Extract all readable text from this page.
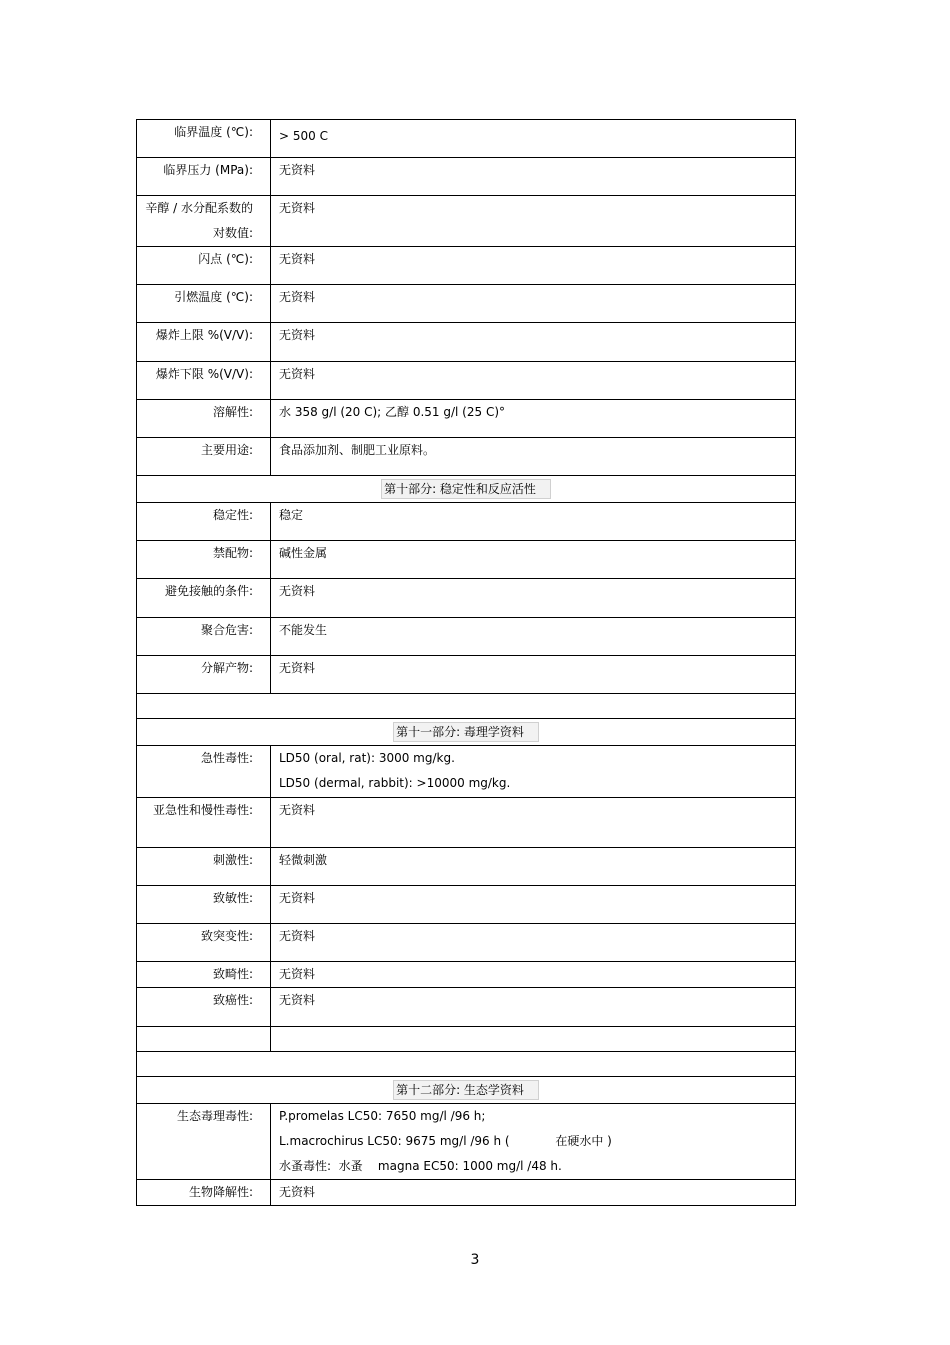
临界温度 (℃):	> 500 C
临界压力 (MPa):	无资料
辛醇 / 水分配系数的对数值:	无资料
闪点 (℃):	无资料
引燃温度 (℃):	无资料
爆炸上限 %(V/V):	无资料
爆炸下限 %(V/V):	无资料
溶解性:	水 358 g/l (20 C); 乙醇 0.51 g/l (25 C)°
主要用途:	食品添加剂、制肥工业原料。
第十部分: 稳定性和反应活性	
稳定性:	稳定
禁配物:	碱性金属
避免接触的条件:	无资料
聚合危害:	不能发生
分解产物:	无资料

第十一部分: 毒理学资料	
急性毒性:	LD50 (oral, rat): 3000 mg/kg.
LD50 (dermal, rabbit): >10000 mg/kg.

亚急性和慢性毒性:	无资料
刺激性:	轻微刺激
致敏性:	无资料
致突变性:	无资料
致畸性:	无资料
致癌性:	无资料

第十二部分: 生态学资料	
生态毒理毒性:	P.promelas LC50: 7650 mg/l /96 h;
L.macrochirus LC50: 9675 mg/l /96 h (            在硬水中 )
水蚤毒性:  水蚤    magna EC50: 1000 mg/l /48 h.

生物降解性:	无资料
3
